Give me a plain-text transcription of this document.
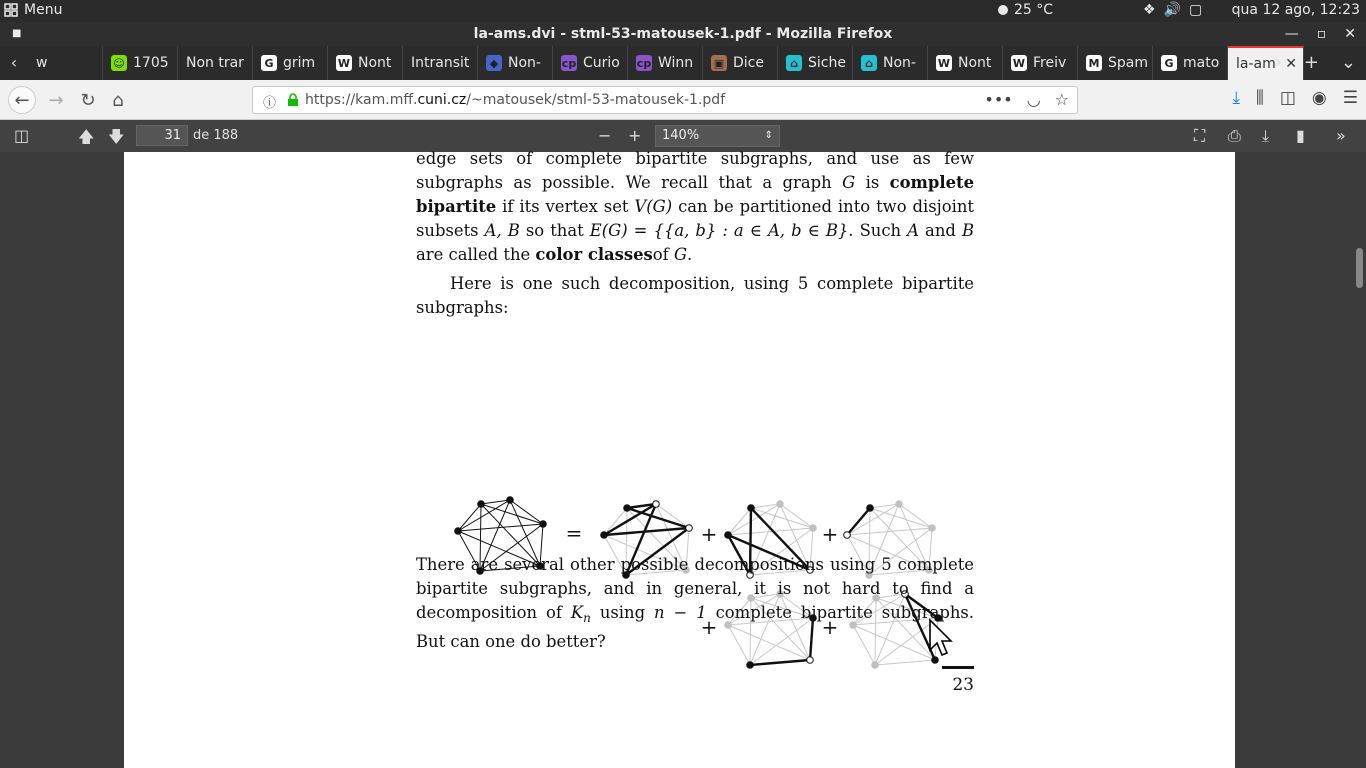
Menu	25 °C	❖ 🔊 ▢ qua 12 ago, 12:23
■	la-ams.dvi - stml-53-matousek-1.pdf - Mozilla Firefox	— ▫ ✕
‹	w	☺ 1705 Non trar	G grim W Nont Intransit	◆ Non- cp Curio cp Winn ▣ Dice	⌂ Siche	⌂ Non- W Nont W Freiv M Spam	G mato la-am ✕
› + ⌄
← → ↻ ⌂	ⓘ https://kam.mff.cuni.cz/~matousek/stml-53-matousek-1.pdf	••• ◡ ☆	⤓ ⫼ ◫ ◉ ☰
◫	🡅 🡇	31 de 188	− +	140%	⇕	⛶ ⎙ ⤓ ▮ »
edge sets of complete bipartite subgraphs, and use as few subgraphs as possible. We recall that a graph G is complete bipartite if its vertex set V(G) can be partitioned into two disjoint subsets A, B so that E(G) = {{a, b} : a ∈ A, b ∈ B}. Such A and B are called the color classesof G.
Here is one such decomposition, using 5 complete bipartite subgraphs:
=	+	+
+	+
There are several other possible decompositions using 5 complete bipartite subgraphs, and in general, it is not hard to find a decomposition of $K_n$ using n − 1 complete bipartite subgraphs. But can one do better?
23
